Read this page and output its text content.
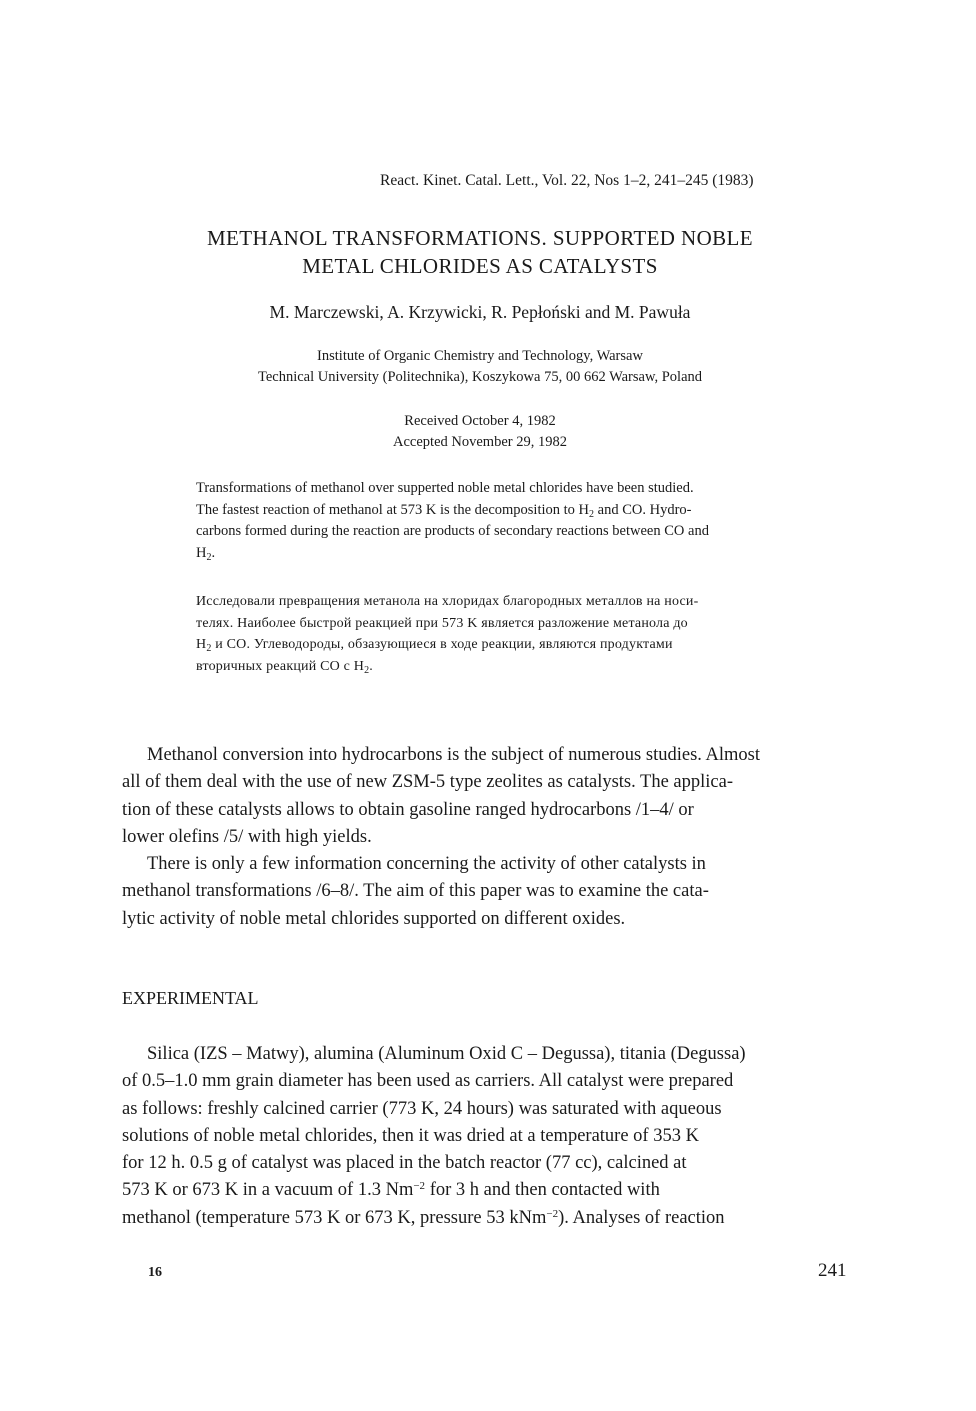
React. Kinet. Catal. Lett., Vol. 22, Nos 1–2, 241–245 (1983)
METHANOL TRANSFORMATIONS. SUPPORTED NOBLE
METAL CHLORIDES AS CATALYSTS
M. Marczewski, A. Krzywicki, R. Pepłoński and M. Pawuła
Institute of Organic Chemistry and Technology, Warsaw
Technical University (Politechnika), Koszykowa 75, 00 662 Warsaw, Poland
Received October 4, 1982
Accepted November 29, 1982
Transformations of methanol over supperted noble metal chlorides have been studied.
The fastest reaction of methanol at 573 K is the decomposition to $H_2$ and CO. Hydro-
carbons formed during the reaction are products of secondary reactions between CO and
$H_2$.
Исследовали превращения метанола на хлоридах благородных металлов на носи-
телях. Наиболее быстрой реакцией при 573 K является разложение метанола до
$H_2$ и CO. Углеводороды, обзазующиеся в ходе реакции, являются продуктами
вторичных реакций CO с $H_2$.
Methanol conversion into hydrocarbons is the subject of numerous studies. Almost
all of them deal with the use of new ZSM-5 type zeolites as catalysts. The applica-
tion of these catalysts allows to obtain gasoline ranged hydrocarbons /1–4/ or
lower olefins /5/ with high yields.
There is only a few information concerning the activity of other catalysts in
methanol transformations /6–8/. The aim of this paper was to examine the cata-
lytic activity of noble metal chlorides supported on different oxides.
EXPERIMENTAL
Silica (IZS – Matwy), alumina (Aluminum Oxid C – Degussa), titania (Degussa)
of 0.5–1.0 mm grain diameter has been used as carriers. All catalyst were prepared
as follows: freshly calcined carrier (773 K, 24 hours) was saturated with aqueous
solutions of noble metal chlorides, then it was dried at a temperature of 353 K
for 12 h. 0.5 g of catalyst was placed in the batch reactor (77 cc), calcined at
573 K or 673 K in a vacuum of 1.3 $Nm^{-2}$ for 3 h and then contacted with
methanol (temperature 573 K or 673 K, pressure 53 kNm$^{-2}$). Analyses of reaction
16	241
